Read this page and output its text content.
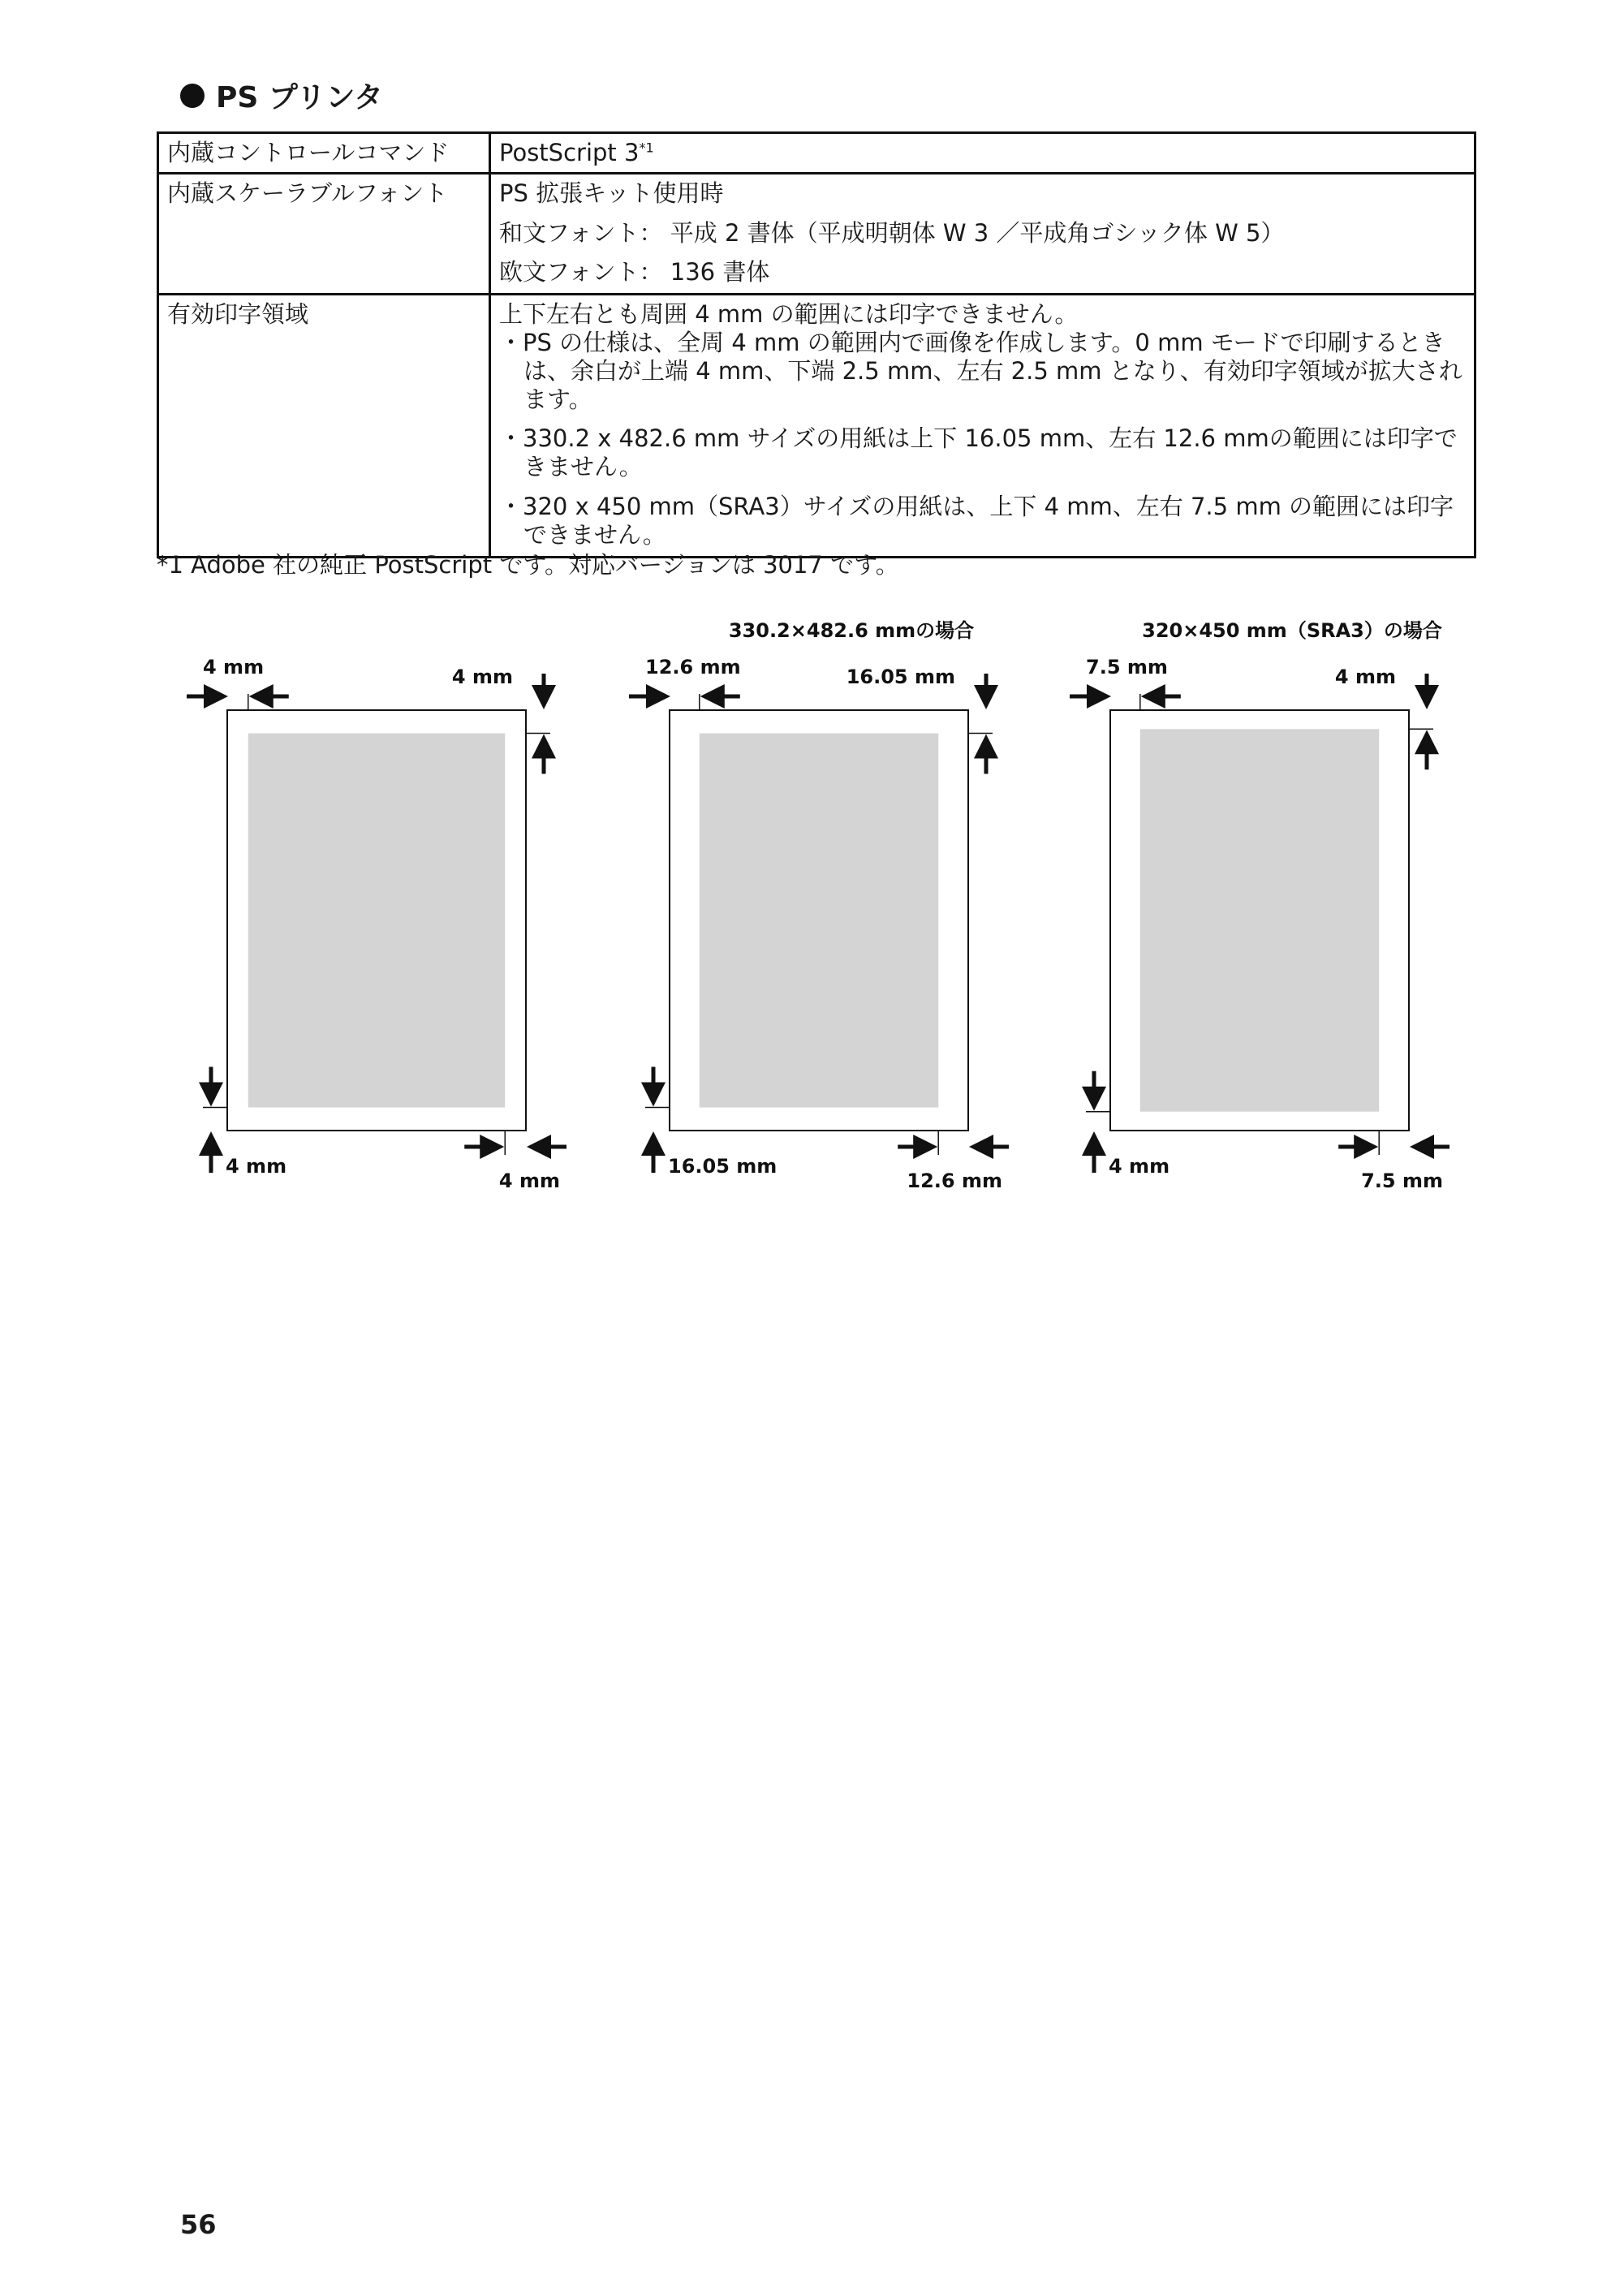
PS プリンタ
内蔵コントロールコマンド	PostScript 3$^{*1}$
内蔵スケーラブルフォント	PS 拡張キット使用時
和文フォント： 平成 2 書体（平成明朝体 W 3 ／平成角ゴシック体 W 5）
欧文フォント： 136 書体

有効印字領域	上下左右とも周囲 4 mm の範囲には印字できません。
・PS の仕様は、全周 4 mm の範囲内で画像を作成します。0 mm モードで印刷するときは、余白が上端 4 mm、下端 2.5 mm、左右 2.5 mm となり、有効印字領域が拡大されます。
・330.2 x 482.6 mm サイズの用紙は上下 16.05 mm、左右 12.6 mmの範囲には印字できません。
・320 x 450 mm（SRA3）サイズの用紙は、上下 4 mm、左右 7.5 mm の範囲には印字できません。
*1 Adobe 社の純正 PostScript です。対応バージョンは 3017 です。
4 mm	4 mm
4 mm
4 mm
330.2×482.6 mmの場合
12.6 mm	16.05 mm
16.05 mm
12.6 mm
320×450 mm（SRA3）の場合
7.5 mm	4 mm
4 mm
7.5 mm
56
